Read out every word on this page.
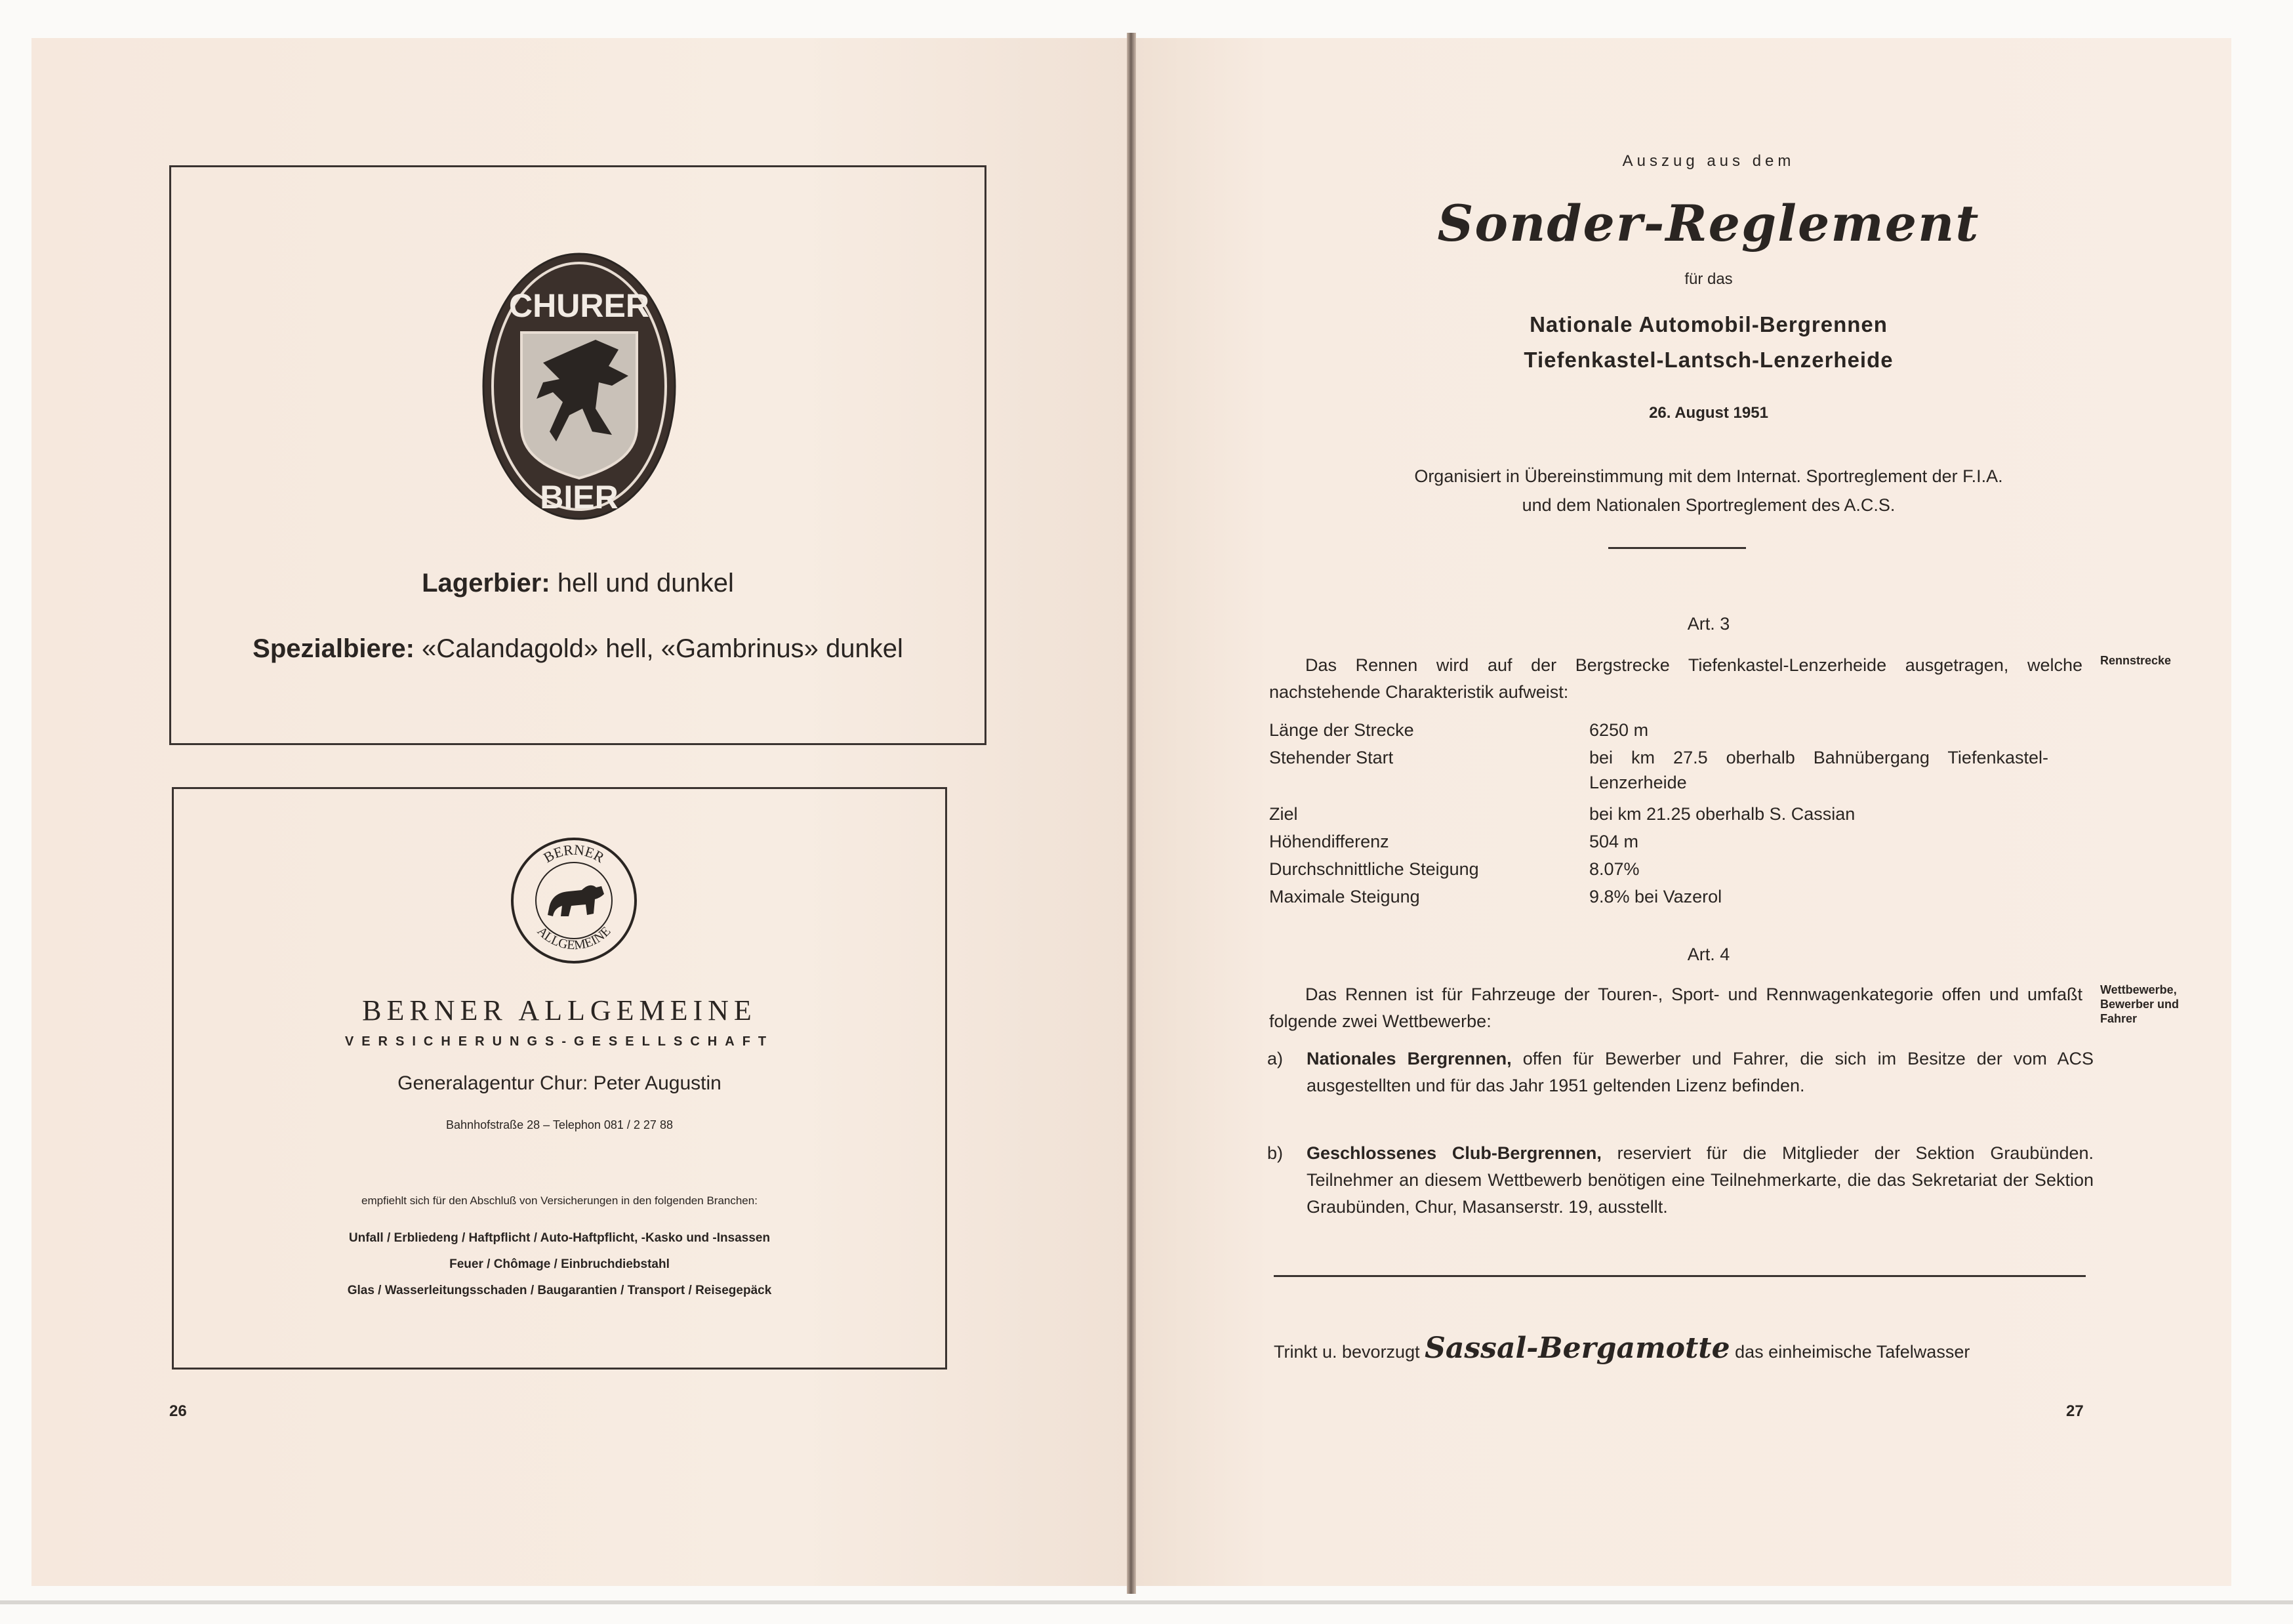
CHURER
BIER
Lagerbier: hell und dunkel
Spezialbiere: «Calandagold» hell, «Gambrinus» dunkel
BERNER
ALLGEMEINE
BERNER ALLGEMEINE
VERSICHERUNGS-GESELLSCHAFT
Generalagentur Chur: Peter Augustin
Bahnhofstraße 28 – Telephon 081 / 2 27 88
empfiehlt sich für den Abschluß von Versicherungen in den folgenden Branchen:
Unfall / Erbliedeng / Haftpflicht / Auto-Haftpflicht, -Kasko und -Insassen
Feuer / Chômage / Einbruchdiebstahl
Glas / Wasserleitungsschaden / Baugarantien / Transport / Reisegepäck
26
Auszug aus dem
Sonder-Reglement
für das
Nationale Automobil-Bergrennen
Tiefenkastel-Lantsch-Lenzerheide
26. August 1951
Organisiert in Übereinstimmung mit dem Internat. Sportreglement der F.I.A.
und dem Nationalen Sportreglement des A.C.S.
Art. 3
Das Rennen wird auf der Bergstrecke Tiefenkastel-Lenzerheide ausgetragen, welche nachstehende Charakteristik aufweist:
Rennstrecke
Länge der Strecke	6250 m
Stehender Start	bei km 27.5 oberhalb Bahnübergang Tiefenkastel-Lenzerheide
Ziel	bei km 21.25 oberhalb S. Cassian
Höhendifferenz	504 m
Durchschnittliche Steigung	8.07%
Maximale Steigung	9.8% bei Vazerol
Art. 4
Das Rennen ist für Fahrzeuge der Touren-, Sport- und Rennwagenkategorie offen und umfaßt folgende zwei Wettbewerbe:
Wettbewerbe,
Bewerber und
Fahrer
a) Nationales Bergrennen, offen für Bewerber und Fahrer, die sich im Besitze der vom ACS ausgestellten und für das Jahr 1951 geltenden Lizenz befinden.
b) Geschlossenes Club-Bergrennen, reserviert für die Mitglieder der Sektion Graubünden. Teilnehmer an diesem Wettbewerb benötigen eine Teilnehmerkarte, die das Sekretariat der Sektion Graubünden, Chur, Masanserstr. 19, ausstellt.
Trinkt u. bevorzugt Sassal-Bergamotte das einheimische Tafelwasser
27
